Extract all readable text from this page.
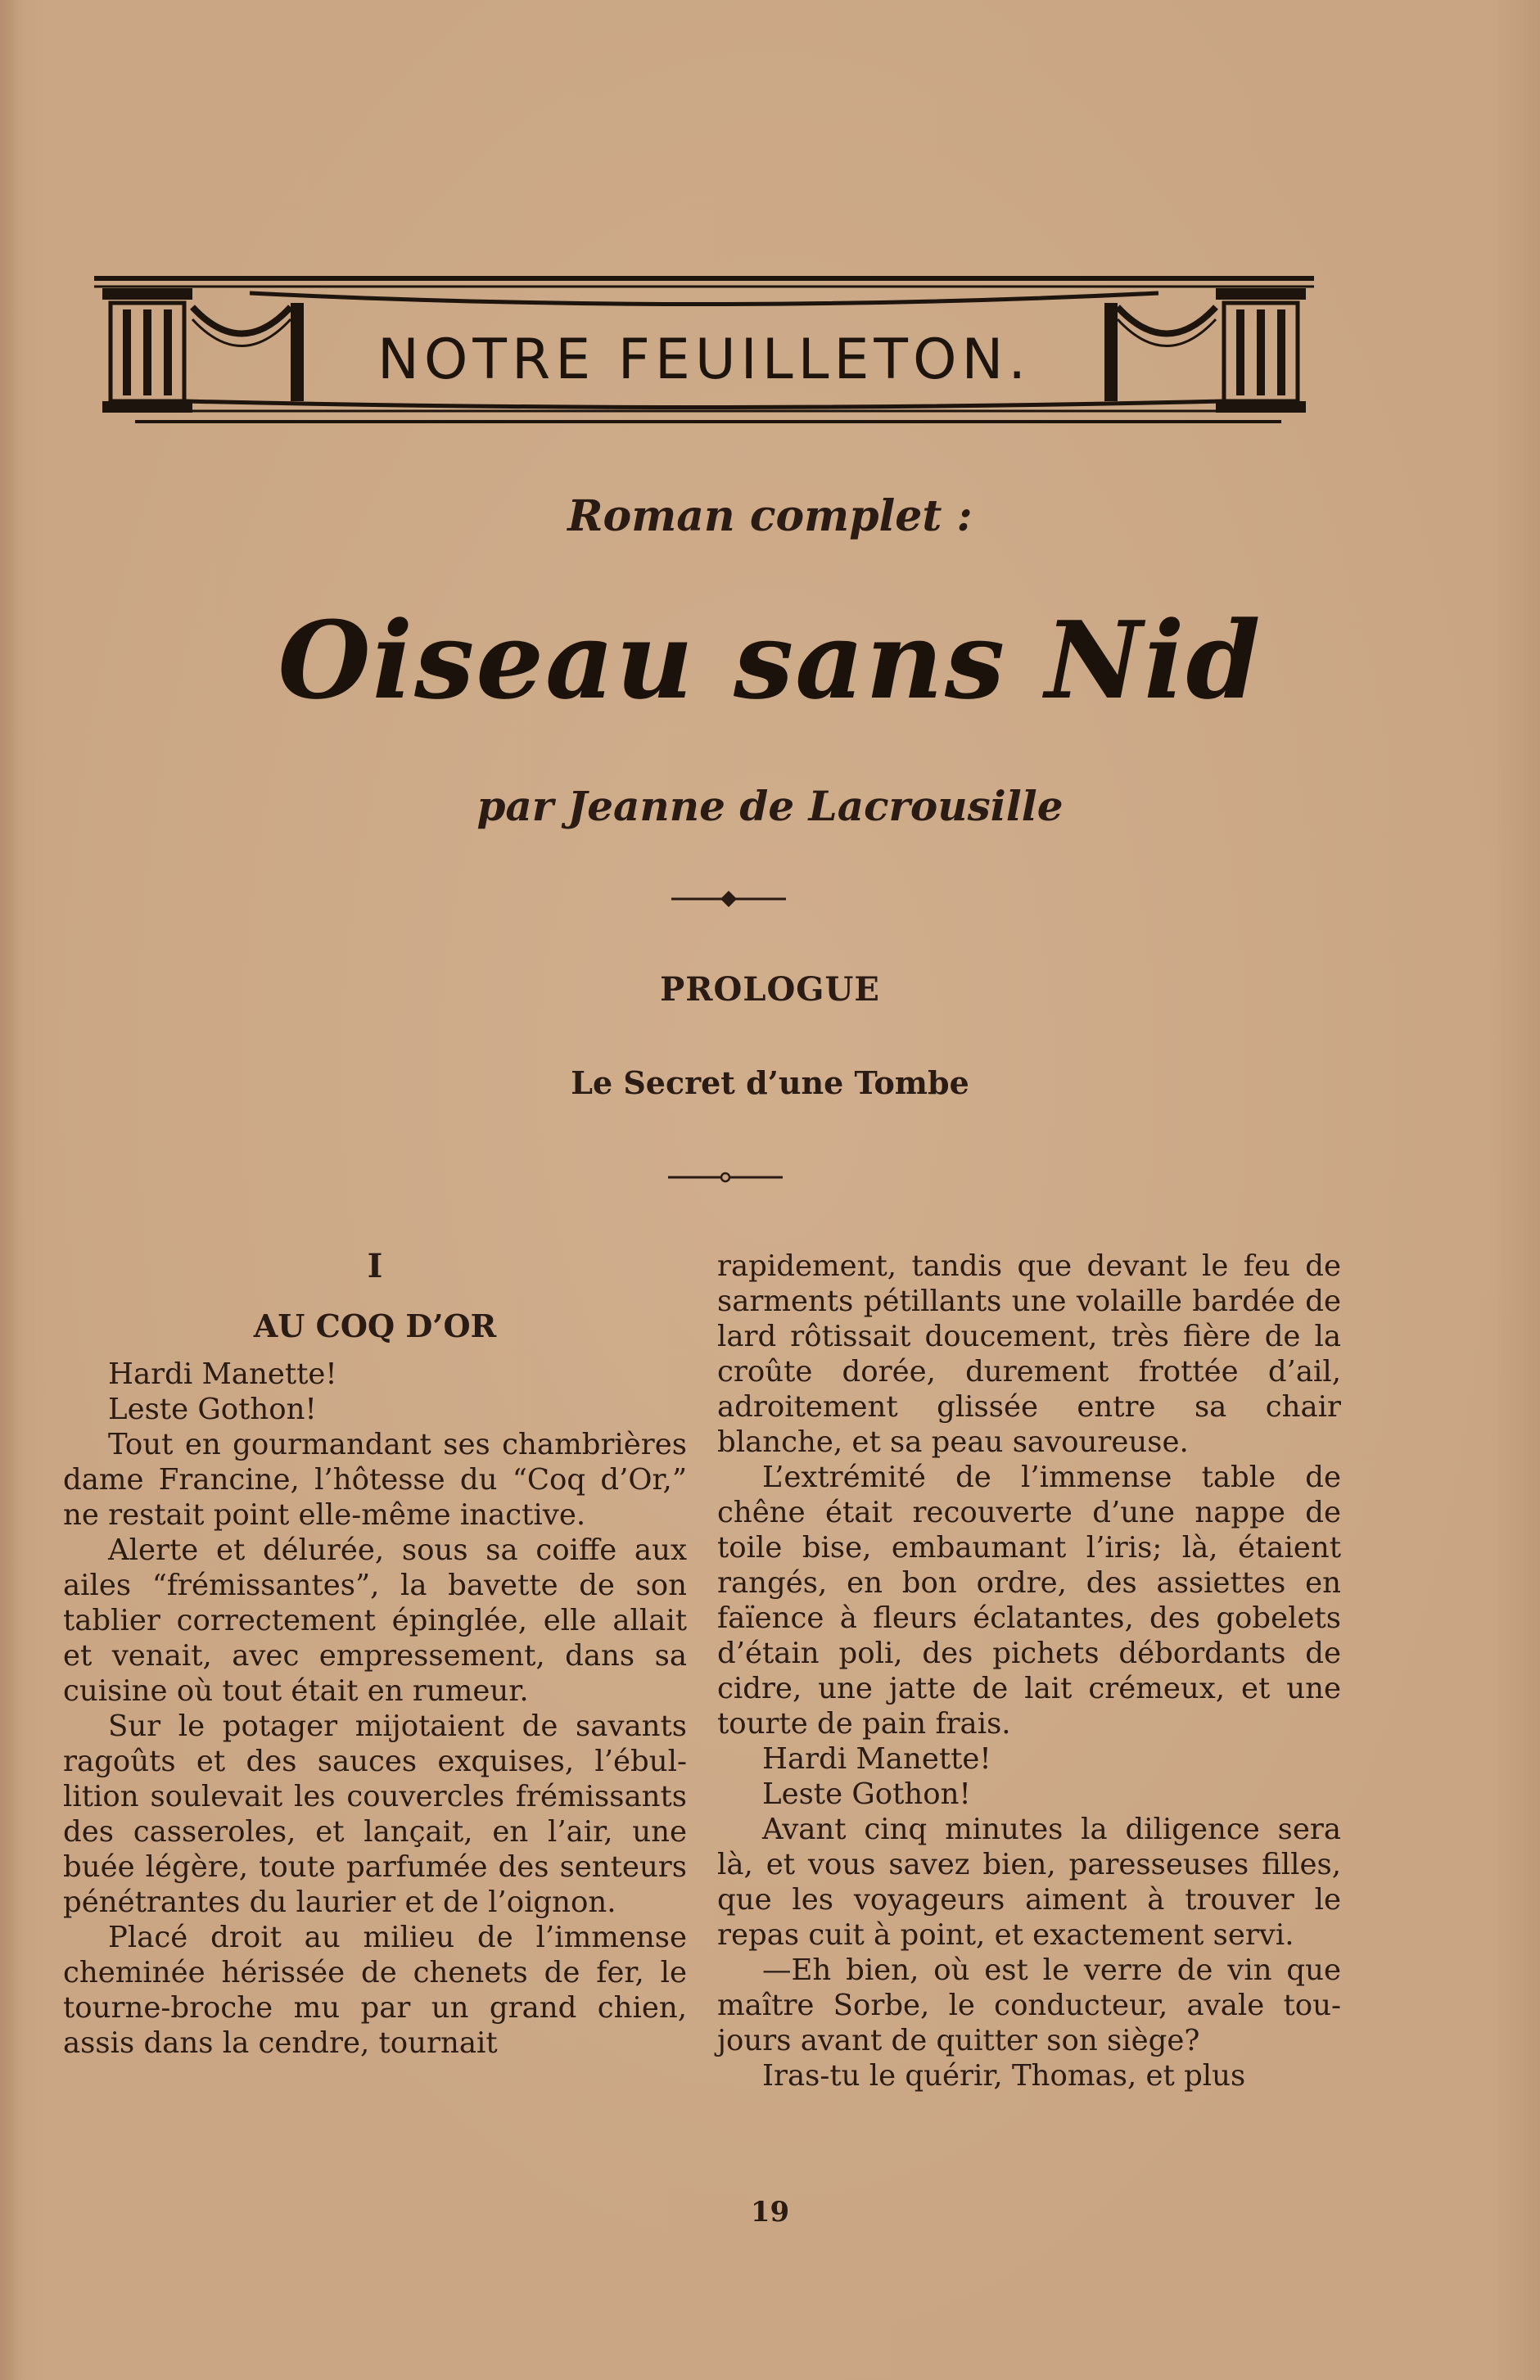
NOTRE FEUILLETON.
Roman complet :
Oiseau sans Nid
par Jeanne de Lacrousille
PROLOGUE
Le Secret d’une Tombe
I
AU COQ D’OR

Hardi Manette!

Leste Gothon!

Tout en gourmandant ses chambrières dame Francine, l’hôtesse du “Coq d’Or,” ne restait point elle-même inactive.

Alerte et délurée, sous sa coiffe aux ailes “frémissantes”, la bavette de son tablier correctement épinglée, elle allait et venait, avec empressement, dans sa cuisine où tout était en rumeur.

Sur le potager mijotaient de savants ragoûts et des sauces exquises, l’ébullition soulevait les couvercles frémissants des casseroles, et lançait, en l’air, une buée légère, toute parfumée des senteurs pénétrantes du laurier et de l’oignon.

Placé droit au milieu de l’immense cheminée hérissée de chenets de fer, le tourne-broche mu par un grand chien, assis dans la cendre, tournait

rapidement, tandis que devant le feu de sarments pétillants une volaille bardée de lard rôtissait doucement, très fière de la croûte dorée, durement frottée d’ail, adroitement glissée entre sa chair blanche, et sa peau savoureuse.

L’extrémité de l’immense table de chêne était recouverte d’une nappe de toile bise, embaumant l’iris; là, étaient rangés, en bon ordre, des assiettes en faïence à fleurs éclatantes, des gobelets d’étain poli, des pichets débordants de cidre, une jatte de lait crémeux, et une tourte de pain frais.

Hardi Manette!

Leste Gothon!

Avant cinq minutes la diligence sera là, et vous savez bien, paresseuses filles, que les voyageurs aiment à trouver le repas cuit à point, et exactement servi.

—Eh bien, où est le verre de vin que maître Sorbe, le conducteur, avale toujours avant de quitter son siège?

Iras-tu le quérir, Thomas, et plus

19
